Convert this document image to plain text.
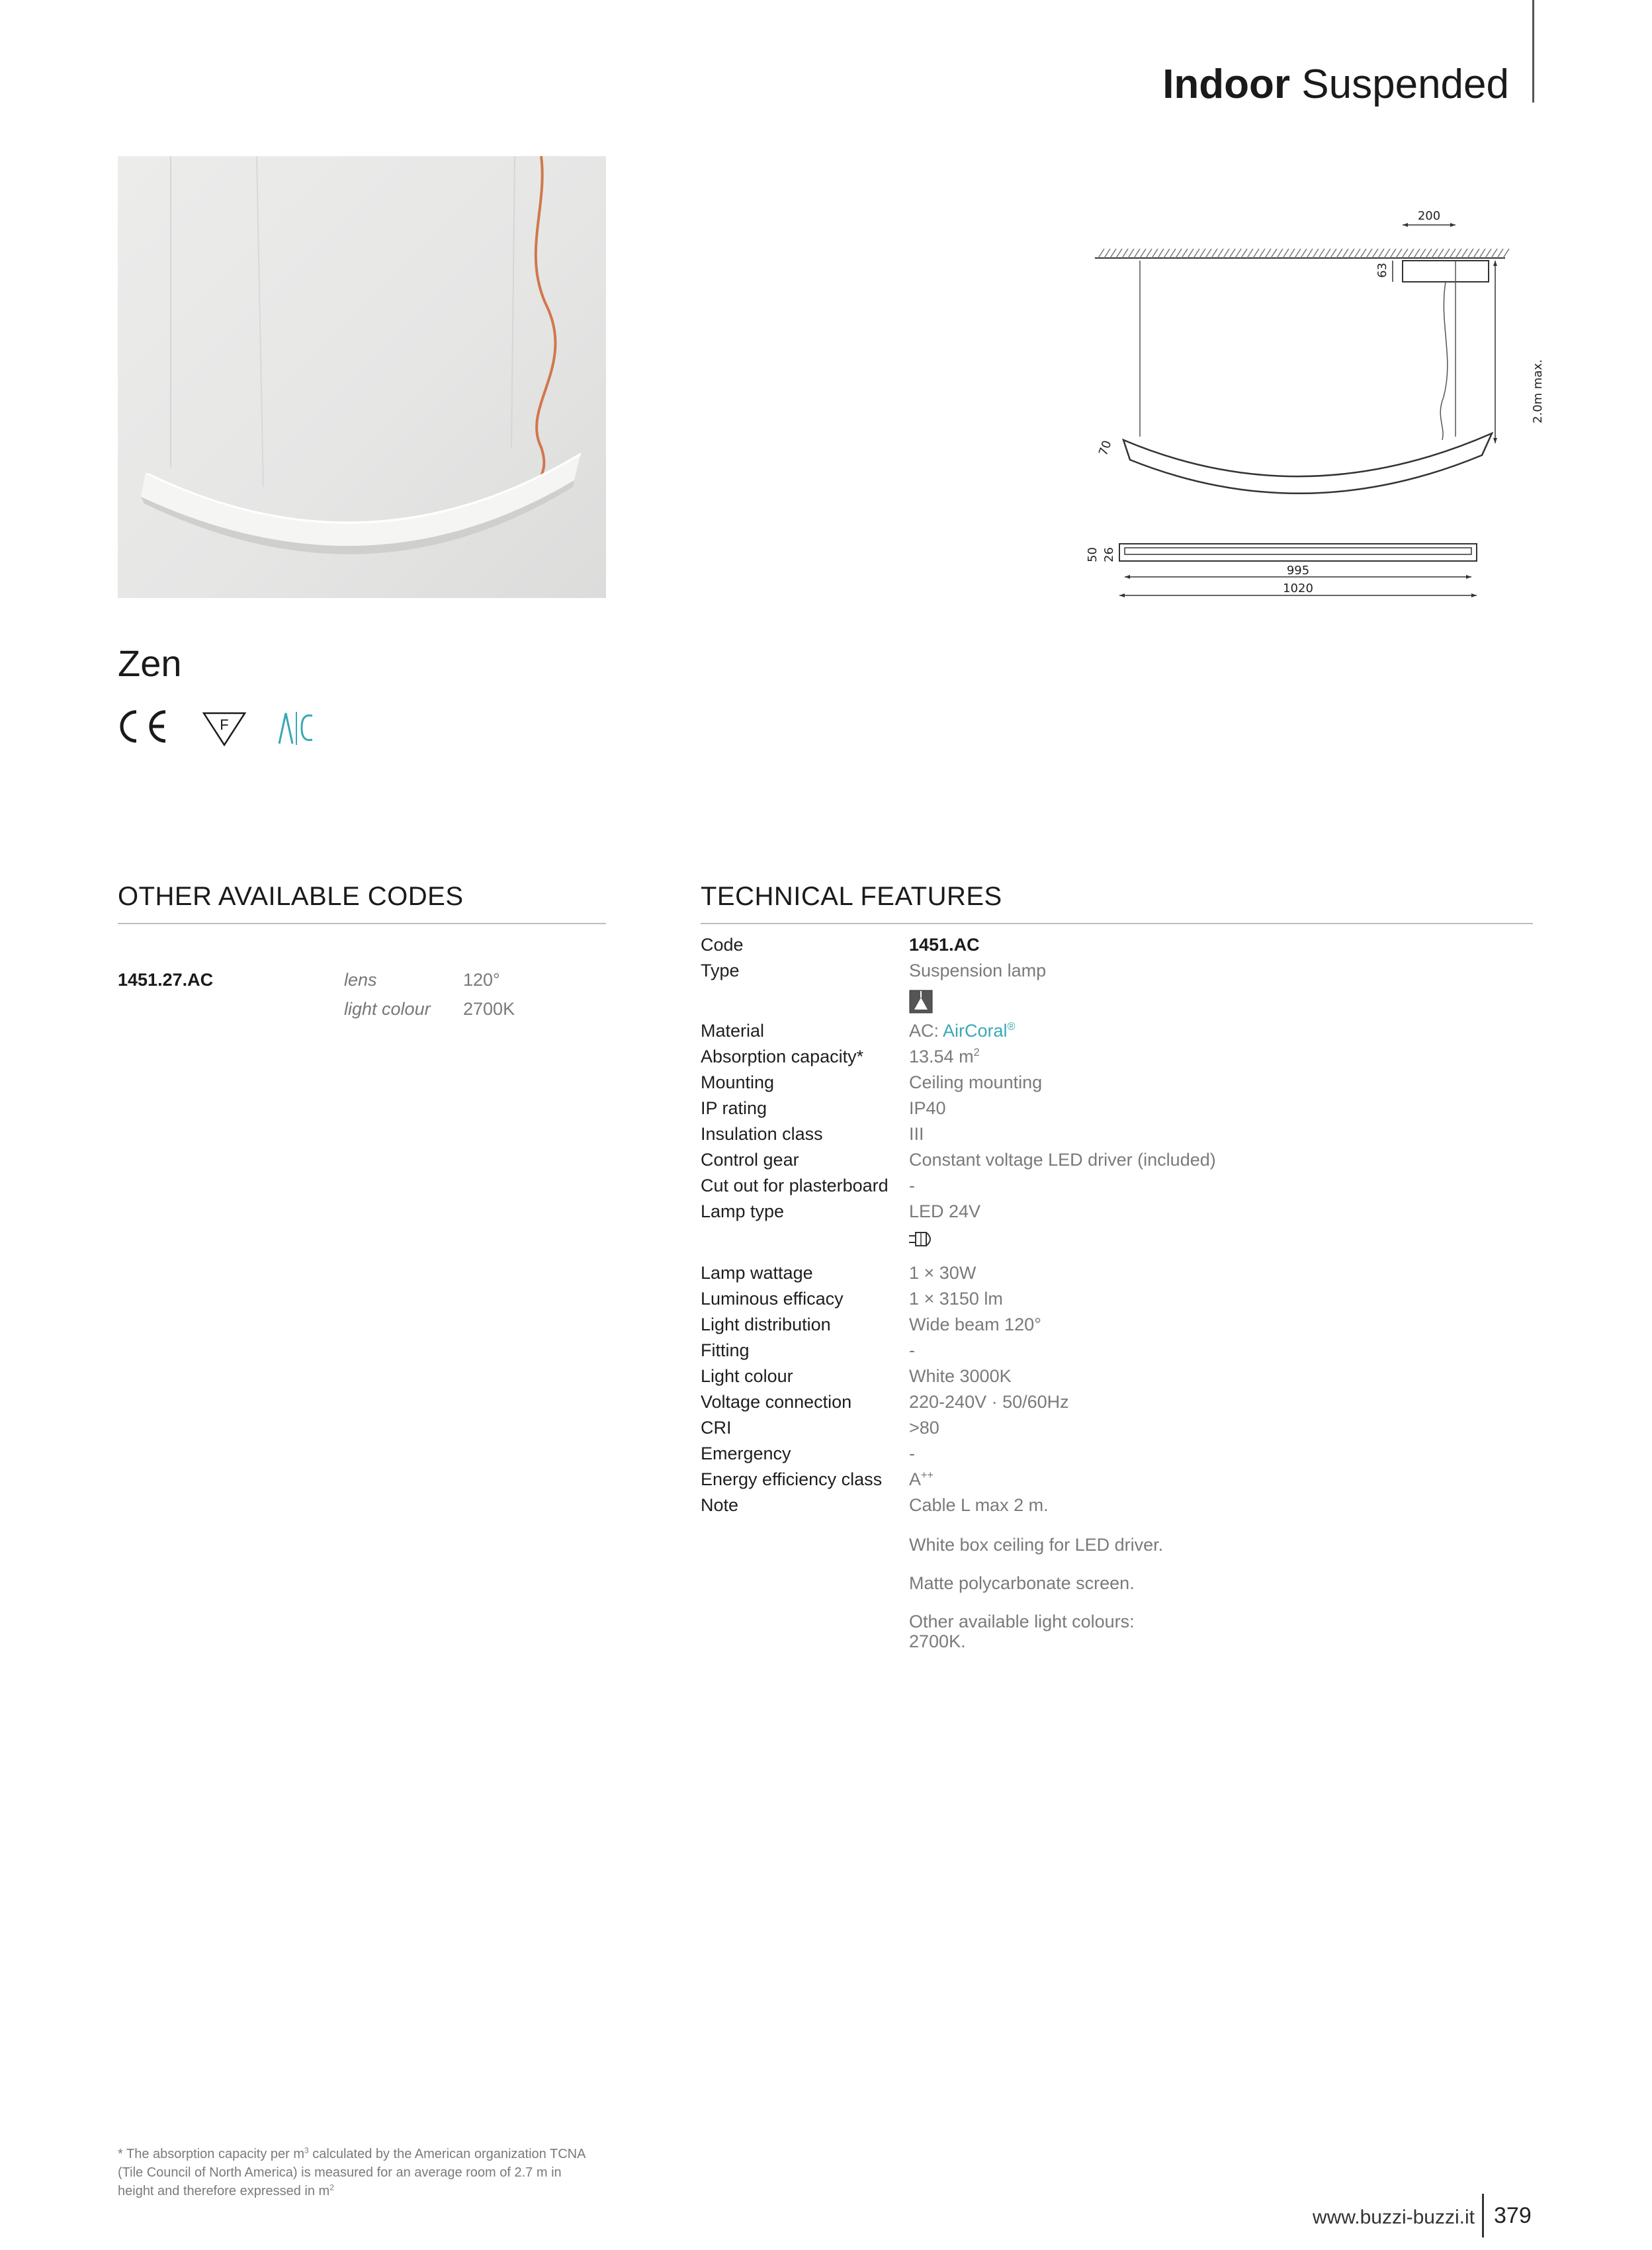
Indoor Suspended
200
63
2.0m max.
70
50 26
995
1020
Zen
F
OTHER AVAILABLE CODES
1451.27.AC	lens	120°
light colour 2700K
TECHNICAL FEATURES
Code	1451.AC
Type	Suspension lamp
Material	AC: AirCoral®
Absorption capacity*	13.54 $m^2$
Mounting	Ceiling mounting
IP rating	IP40
Insulation class	III
Control gear	Constant voltage LED driver (included)
Cut out for plasterboard -
Lamp type	LED 24V
Lamp wattage	1 × 30W
Luminous efficacy	1 × 3150 lm
Light distribution	Wide beam 120°
Fitting	-
Light colour	White 3000K
Voltage connection	220-240V · 50/60Hz
CRI	>80
Emergency	-
Energy efficiency class A++
Note	Cable L max 2 m.
White box ceiling for LED driver.
Matte polycarbonate screen.
Other available light colours:
2700K.
* The absorption capacity per $m^3$ calculated by the American organization TCNA
(Tile Council of North America) is measured for an average room of 2.7 m in
height and therefore expressed in $m^2$
www.buzzi-buzzi.it 379
